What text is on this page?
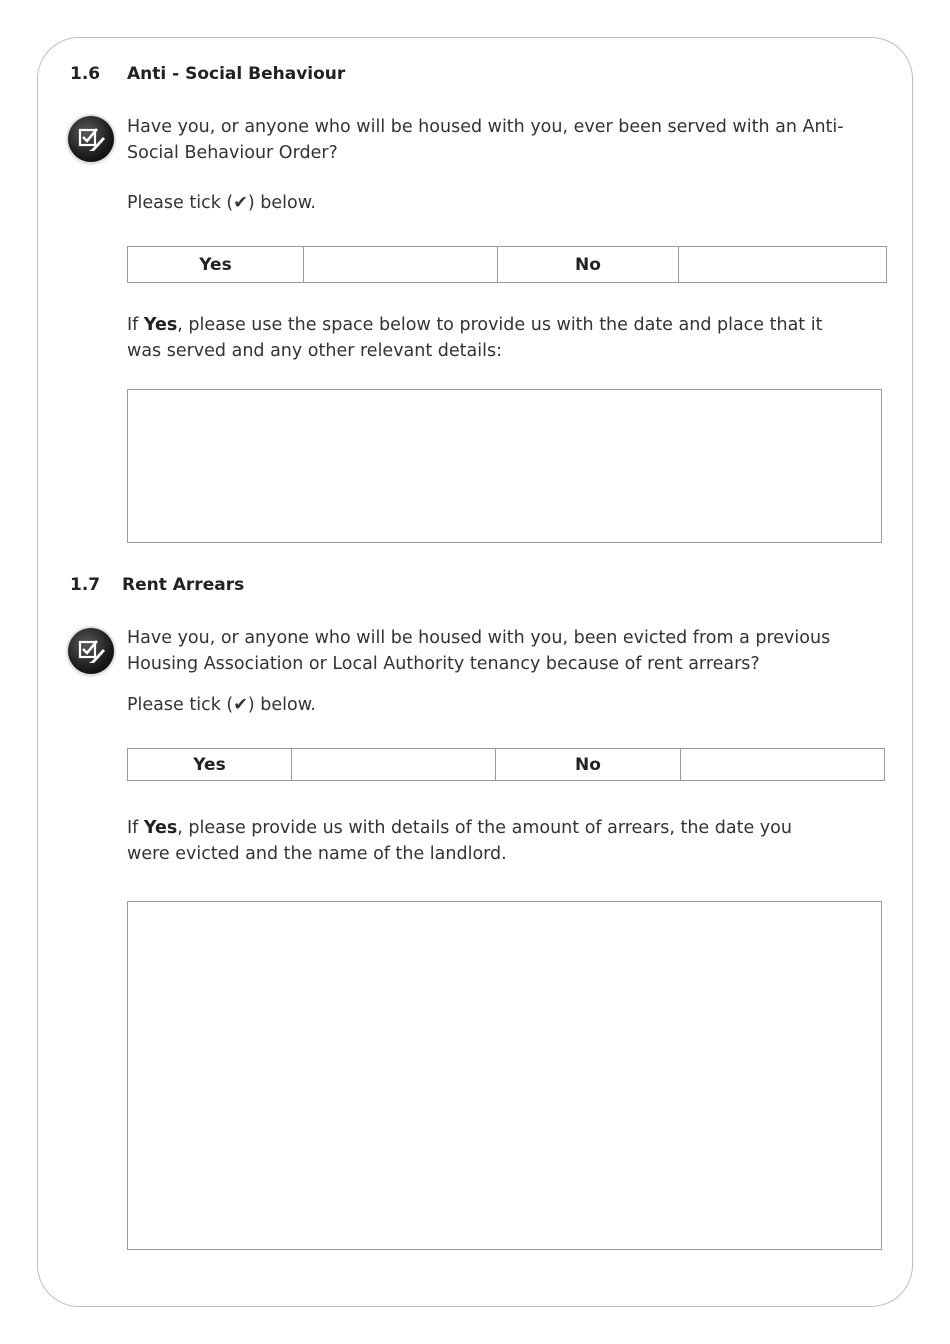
1.6 Anti - Social Behaviour
Have you, or anyone who will be housed with you, ever been served with an Anti-Social Behaviour Order?
Please tick (✔) below.
Yes	No
If Yes, please use the space below to provide us with the date and place that it was served and any other relevant details:
1.7 Rent Arrears
Have you, or anyone who will be housed with you, been evicted from a previous Housing Association or Local Authority tenancy because of rent arrears?
Please tick (✔) below.
Yes	No
If Yes, please provide us with details of the amount of arrears, the date you were evicted and the name of the landlord.
